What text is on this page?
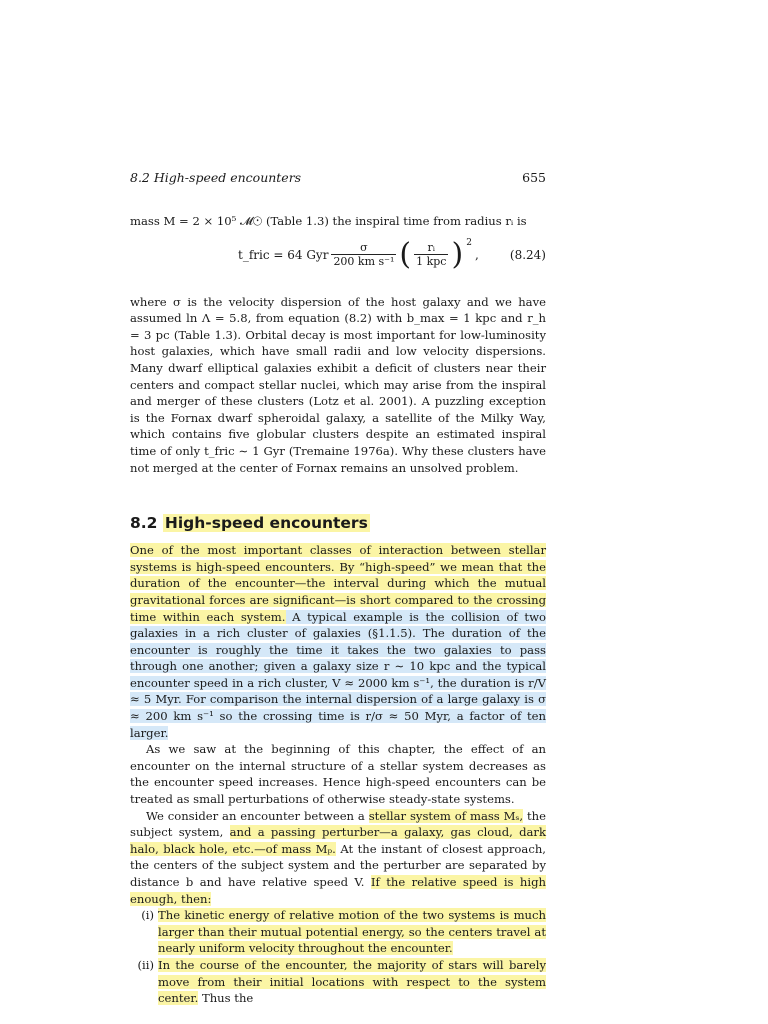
8.2 High-speed encounters	655

mass M = 2 × 10⁵ 𝓜☉ (Table 1.3) the inspiral time from radius rᵢ is

t_fric = 64 Gyr $\frac{\sigma}{\text{200 km s⁻¹}}$ ( $\frac{\text{rᵢ}}{\text{1 kpc}}$ ) 2
,	(8.24)

where σ is the velocity dispersion of the host galaxy and we have assumed ln Λ = 5.8, from equation (8.2) with b_max = 1 kpc and r_h = 3 pc (Table 1.3). Orbital decay is most important for low-luminosity host galaxies, which have small radii and low velocity dispersions. Many dwarf elliptical galaxies exhibit a deficit of clusters near their centers and compact stellar nuclei, which may arise from the inspiral and merger of these clusters (Lotz et al. 2001). A puzzling exception is the Fornax dwarf spheroidal galaxy, a satellite of the Milky Way, which contains five globular clusters despite an estimated inspiral time of only t_fric ∼ 1 Gyr (Tremaine 1976a). Why these clusters have not merged at the center of Fornax remains an unsolved problem.

8.2 High-speed encounters

One of the most important classes of interaction between stellar systems is high-speed encounters. By “high-speed” we mean that the duration of the encounter—the interval during which the mutual gravitational forces are significant—is short compared to the crossing time within each system. A typical example is the collision of two galaxies in a rich cluster of galaxies (§1.1.5). The duration of the encounter is roughly the time it takes the two galaxies to pass through one another; given a galaxy size r ∼ 10 kpc and the typical encounter speed in a rich cluster, V ≈ 2000 km s⁻¹, the duration is r/V ≈ 5 Myr. For comparison the internal dispersion of a large galaxy is σ ≈ 200 km s⁻¹ so the crossing time is r/σ ≈ 50 Myr, a factor of ten larger.

As we saw at the beginning of this chapter, the effect of an encounter on the internal structure of a stellar system decreases as the encounter speed increases. Hence high-speed encounters can be treated as small perturbations of otherwise steady-state systems.

We consider an encounter between a stellar system of mass Mₛ, the subject system, and a passing perturber—a galaxy, gas cloud, dark halo, black hole, etc.—of mass Mₚ. At the instant of closest approach, the centers of the subject system and the perturber are separated by distance b and have relative speed V. If the relative speed is high enough, then:

(i) The kinetic energy of relative motion of the two systems is much larger than their mutual potential energy, so the centers travel at nearly uniform velocity throughout the encounter.
(ii) In the course of the encounter, the majority of stars will barely move from their initial locations with respect to the system center. Thus the
